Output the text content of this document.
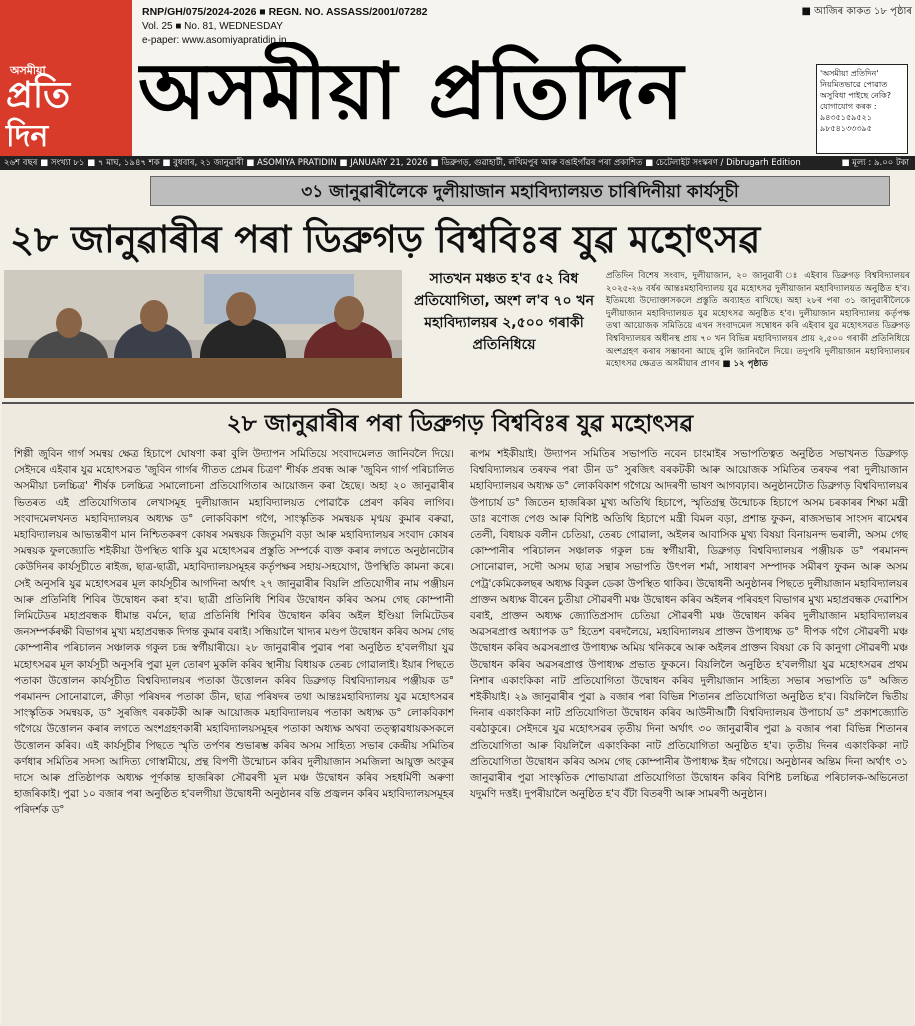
অসমীয়া
প্ৰতি
দিন
RNP/GH/075/2024-2026 ■ REGN. NO. ASSASS/2001/07282
Vol. 25 ■ No. 81, WEDNESDAY
e-paper: www.asomiyapratidin.in
■ আজিৰ কাকত ১৮ পৃষ্ঠাৰ
অসমীয়া প্ৰতিদিন	'অসমীয়া প্ৰতিদিন' নিয়মিতভাৱে পোৱাত অসুবিধা পাইছে নেকি? যোগাযোগ কৰক : ৯৪৩৫১৫৯৫২১ ৯৮৫৪১৩৩৩৯৫
২৬শ বছৰ ■ সংখ্যা ৮১ ■ ৭ মাঘ, ১৯৪৭ শক ■ বুধবাৰ, ২১ জানুৱাৰী ■ ASOMIYA PRATIDIN ■ JANUARY 21, 2026 ■ ডিব্ৰুগড়, গুৱাহাটী, লখিমপুৰ আৰু বঙাইগাঁৱৰ পৰা প্ৰকাশিত ■ চেটেলাইট সংস্কৰণ / Dibrugarh Edition	■ মূল্য : ৯.০০ টকা
৩১ জানুৱাৰীলৈকে দুলীয়াজান মহাবিদ্যালয়ত চাৰিদিনীয়া কাৰ্যসূচী
২৮ জানুৱাৰীৰ পৰা ডিব্ৰুগড় বিশ্ববিঃৰ যুৱ মহোৎসৱ
সাতখন মঞ্চত হ'ব ৫২ বিধ প্ৰতিযোগিতা, অংশ ল'ব ৭০ খন মহাবিদ্যালয়ৰ ২,৫০০ গৰাকী প্ৰতিনিধিয়ে
প্ৰতিদিন বিশেষ সংবাদ, দুলীয়াজান, ২০ জানুৱাৰী ঃ এইবাৰ ডিব্ৰুগড় বিশ্ববিদ্যালয়ৰ ২০২৫-২৬ বৰ্ষৰ আন্তঃমহাবিদ্যালয় যুৱ মহোৎসৱ দুলীয়াজান মহাবিদ্যালয়ত অনুষ্ঠিত হ'ব। ইতিমধ্যে উদ্যোক্তাসকলে প্ৰস্তুতি অব্যাহত ৰাখিছে। অহা ২৮ৰ পৰা ৩১ জানুৱাৰীলৈকে দুলীয়াজান মহাবিদ্যালয়ত যুৱ মহোৎসৱ অনুষ্ঠিত হ'ব। দুলীয়াজান মহাবিদ্যালয় কৰ্তৃপক্ষ তথা আয়োজক সমিতিয়ে এখন সংবাদমেল সম্বোধন কৰি এইবাৰ যুৱ মহোৎসৱত ডিব্ৰুগড় বিশ্ববিদ্যালয়ৰ অধীনস্থ প্ৰায় ৭০ খন বিভিন্ন মহাবিদ্যালয়ৰ প্ৰায় ২,৫০০ গৰাকী প্ৰতিনিধিয়ে অংশগ্ৰহণ কৰাৰ সম্ভাবনা আছে বুলি জানিবলৈ দিয়ে। তদুপৰি দুলীয়াজান মহাবিদ্যালয়ৰ মহোৎসৱ ক্ষেত্ৰত অসমীয়াৰ প্ৰাণৰ ■ ১২ পৃষ্ঠাত
২৮ জানুৱাৰীৰ পৰা ডিব্ৰুগড় বিশ্ববিঃৰ যুৱ মহোৎসৱ
শিল্পী জুবিন গাৰ্গ সমন্বয় ক্ষেত্ৰ হিচাপে ঘোষণা কৰা বুলি উদ্যাপন সমিতিয়ে সংবাদমেলত জানিবলৈ দিয়ে। সেইদৰে এইবাৰ যুৱ মহোৎসৱত 'জুবিন গাৰ্গৰ গীতত প্ৰেমৰ চিত্ৰণ' শীৰ্ষক প্ৰবন্ধ আৰু 'জুবিন গাৰ্গ পৰিচালিত অসমীয়া চলচ্চিত্ৰ' শীৰ্ষক চলচ্চিত্ৰ সমালোচনা প্ৰতিযোগিতাৰ আয়োজন কৰা হৈছে। অহা ২০ জানুৱাৰীৰ ভিতৰত এই প্ৰতিযোগিতাৰ লেখাসমূহ দুলীয়াজান মহাবিদ্যালয়ত পোৱাকৈ প্ৰেৰণ কৰিব লাগিব। সংবাদমেলখনত মহাবিদ্যালয়ৰ অধ্যক্ষ ড° লোকবিকাশ গগৈ, সাংস্কৃতিক সমন্বয়ক মৃণ্ময় কুমাৰ বৰুৱা, মহাবিদ্যালয়ৰ আভ্যন্তৰীণ মান নিশ্চিতকৰণ কোষৰ সমন্বয়ক জিতুমণি বড়া আৰু মহাবিদ্যালয়ৰ সংবাদ কোষৰ সমন্বয়ক ফুলজ্যোতি শইকীয়া উপস্থিত থাকি যুৱ মহোৎসৱৰ প্ৰস্তুতি সম্পৰ্কে ব্যক্ত কৰাৰ লগতে অনুষ্ঠানটোৰ কেউদিনৰ কাৰ্যসূচীতে ৰাইজ, ছাত্ৰ-ছাত্ৰী, মহাবিদ্যালয়সমূহৰ কৰ্তৃপক্ষৰ সহায়-সহযোগ, উপস্থিতি কামনা কৰে। সেই অনুসৰি যুৱ মহোৎসৱৰ মূল কাৰ্যসূচীৰ আগদিনা অৰ্থাৎ ২৭ জানুৱাৰীৰ বিয়লি প্ৰতিযোগীৰ নাম পঞ্জীয়ন আৰু প্ৰতিনিধি শিবিৰ উদ্বোধন কৰা হ'ব। ছাত্ৰী প্ৰতিনিধি শিবিৰ উদ্বোধন কৰিব অসম গেছ কোম্পানী লিমিটেডৰ মহাপ্ৰবন্ধক ধীমান্ত বৰ্মনে, ছাত্ৰ প্ৰতিনিধি শিবিৰ উদ্বোধন কৰিব অইল ইণ্ডিয়া লিমিটেডৰ জনসম্পৰ্কৰক্ষী বিভাগৰ মুখ্য মহাপ্ৰবন্ধক দিগন্ত কুমাৰ বৰাই। সন্ধিয়ালৈ খাদ্যৰ মণ্ডপ উদ্বোধন কৰিব অসম গেছ কোম্পানীৰ পৰিচালন সঞ্চালক গকুল চন্দ্ৰ স্বৰ্গীয়াৰীয়ে। ২৮ জানুৱাৰীৰ পুৱাৰ পৰা অনুষ্ঠিত হ'বলগীয়া যুৱ মহোৎসৱৰ মূল কাৰ্যসূচী অনুসৰি পুৱা মূল তোৰণ মুকলি কৰিব স্থানীয় বিধায়ক তেৰচ গোৱালাই। ইয়াৰ পিছতে পতাকা উত্তোলন কাৰ্যসূচীত বিশ্ববিদ্যালয়ৰ পতাকা উত্তোলন কৰিব ডিব্ৰুগড় বিশ্ববিদ্যালয়ৰ পঞ্জীয়ক ড° পৰমানন্দ সোনোৱালে, ক্ৰীড়া পৰিষদৰ পতাকা ডীন, ছাত্ৰ পৰিষদৰ তথা আন্তঃমহাবিদ্যালয় যুৱ মহোৎসৱৰ সাংস্কৃতিক সমন্বয়ক, ড° সুৰজিৎ বৰকটকী আৰু আয়োজক মহাবিদ্যালয়ৰ পতাকা অধ্যক্ষ ড° লোকবিকাশ গগৈয়ে উত্তোলন কৰাৰ লগতে অংশগ্ৰহণকাৰী মহাবিদ্যালয়সমূহৰ পতাকা অধ্যক্ষ অথবা তত্ত্বাৱধায়কসকলে উত্তোলন কৰিব। এই কাৰ্যসূচীৰ পিছতে স্মৃতি তৰ্পণৰ শুভাৰম্ভ কৰিব অসম সাহিত্য সভাৰ কেন্দ্ৰীয় সমিতিৰ কৰ্ণধাৰ সমিতিৰ সদস্য আদিত্য গোস্বামীয়ে, প্ৰন্থ বিপণী উন্মোচন কৰিব দুলীয়াজান সমজিলা আয়ুক্ত অংকুৰ দাসে আৰু প্ৰতিষ্ঠাপক অধ্যক্ষ পূৰ্ণকান্ত হাজৰিকা সৌৱৰণী মূল মঞ্চ উদ্বোধন কৰিব সহধৰ্মিণী অৰুণা হাজৰিকাই। পুৱা ১০ বজাৰ পৰা অনুষ্ঠিত হ'বলগীয়া উদ্বোধনী অনুষ্ঠানৰ বন্তি প্ৰজ্বলন কৰিব মহাবিদ্যালয়সমূহৰ পৰিদৰ্শক ড°
ৰূপম শইকীয়াই। উদ্যাপন সমিতিৰ সভাপতি নবেন চাংমাইৰ সভাপতিত্বত অনুষ্ঠিত সভাখনত ডিব্ৰুগড় বিশ্ববিদ্যালয়ৰ তৰফৰ পৰা ডীন ড° সুৰজিৎ বৰকটকী আৰু আয়োজক সমিতিৰ তৰফৰ পৰা দুলীয়াজান মহাবিদ্যালয়ৰ অধ্যক্ষ ড° লোকবিকাশ গগৈয়ে আদৰণী ভাষণ আগবঢ়াব। অনুষ্ঠানটোত ডিব্ৰুগড় বিশ্ববিদ্যালয়ৰ উপাচাৰ্য ড° জিতেন হাজৰিকা মুখ্য অতিথি হিচাপে, স্মৃতিগ্ৰন্থ উন্মোচক হিচাপে অসম চৰকাৰৰ শিক্ষা মন্ত্ৰী ডাঃ ৰণোজ পেগু আৰু বিশিষ্ট অতিথি হিচাপে মন্ত্ৰী বিমল বড়া, প্ৰশান্ত ফুকন, ৰাজসভাৰ সাংসদ ৰামেশ্বৰ তেলী, বিধায়ক বলীন চেতিয়া, তেৰচ গোৱালা, অইলৰ আবাসিক মুখ্য বিষয়া বিনায়নন্দ ভৰালী, অসম গেছ কোম্পানীৰ পৰিচালন সঞ্চালক গকুল চন্দ্ৰ স্বৰ্গীয়াৰী, ডিব্ৰুগড় বিশ্ববিদ্যালয়ৰ পঞ্জীয়ক ড° পৰমানন্দ সোনোৱাল, সদৌ অসম ছাত্ৰ সন্থাৰ সভাপতি উৎপল শৰ্মা, সাধাৰণ সম্পাদক সমীৰণ ফুকন আৰু অসম পেট্ৰ'কেমিকেলছৰ অধ্যক্ষ বিকুল ডেকা উপস্থিত থাকিব। উদ্বোধনী অনুষ্ঠানৰ পিছতে দুলীয়াজান মহাবিদ্যালয়ৰ প্ৰাক্তন অধ্যক্ষ বীৰেন চুতীয়া সৌৱৰণী মঞ্চ উদ্বোধন কৰিব অইলৰ পৰিবহণ বিভাগৰ মুখ্য মহাপ্ৰবন্ধক দেৱাশিস বৰাই, প্ৰাক্তন অধ্যক্ষ জ্যোতিপ্ৰসাদ চেতিয়া সৌৱৰণী মঞ্চ উদ্বোধন কৰিব দুলীয়াজান মহাবিদ্যালয়ৰ অৱসৰপ্ৰাপ্ত অধ্যাপক ড° হিতেশ বৰদলৈয়ে, মহাবিদ্যালয়ৰ প্ৰাক্তন উপাধ্যক্ষ ড° দীপক গগৈ সৌৱৰণী মঞ্চ উদ্বোধন কৰিব অৱসৰপ্ৰাপ্ত উপাধ্যক্ষ অমিয় খনিকৰে আৰু অইলৰ প্ৰাক্তন বিষয়া কে বি কানুগা সৌৱৰণী মঞ্চ উদ্বোধন কৰিব অৱসৰপ্ৰাপ্ত উপাধ্যক্ষ প্ৰভাত ফুকনে। বিয়লিলৈ অনুষ্ঠিত হ'বলগীয়া যুৱ মহোৎসৱৰ প্ৰথম নিশাৰ একাংকিকা নাট প্ৰতিযোগিতা উদ্বোধন কৰিব দুলীয়াজান সাহিত্য সভাৰ সভাপতি ড° অজিত শইকীয়াই। ২৯ জানুৱাৰীৰ পুৱা ৯ বজাৰ পৰা বিভিন্ন শিতানৰ প্ৰতিযোগিতা অনুষ্ঠিত হ'ব। বিয়লিলৈ দ্বিতীয় দিনাৰ একাংকিকা নাট প্ৰতিযোগিতা উদ্বোধন কৰিব আউনীআটী বিশ্ববিদ্যালয়ৰ উপাচাৰ্য ড° প্ৰকাশজ্যোতি বৰঠাকুৰে। সেইদৰে যুৱ মহোৎসৱৰ তৃতীয় দিনা অৰ্থাৎ ৩০ জানুৱাৰীৰ পুৱা ৯ বজাৰ পৰা বিভিন্ন শিতানৰ প্ৰতিযোগিতা আৰু বিয়লিলৈ একাংকিকা নাট প্ৰতিযোগিতা অনুষ্ঠিত হ'ব। তৃতীয় দিনৰ একাংকিকা নাট প্ৰতিযোগিতা উদ্বোধন কৰিব অসম গেছ কোম্পানীৰ উপাধ্যক্ষ ইন্দ্ৰ গগৈয়ে। অনুষ্ঠানৰ অন্তিম দিনা অৰ্থাৎ ৩১ জানুৱাৰীৰ পুৱা সাংস্কৃতিক শোভাযাত্ৰা প্ৰতিযোগিতা উদ্বোধন কৰিব বিশিষ্ট চলচ্চিত্ৰ পৰিচালক-অভিনেতা যদুমণি দত্তই। দুপৰীয়ালৈ অনুষ্ঠিত হ'ব বঁটা বিতৰণী আৰু সামৰণী অনুষ্ঠান।
